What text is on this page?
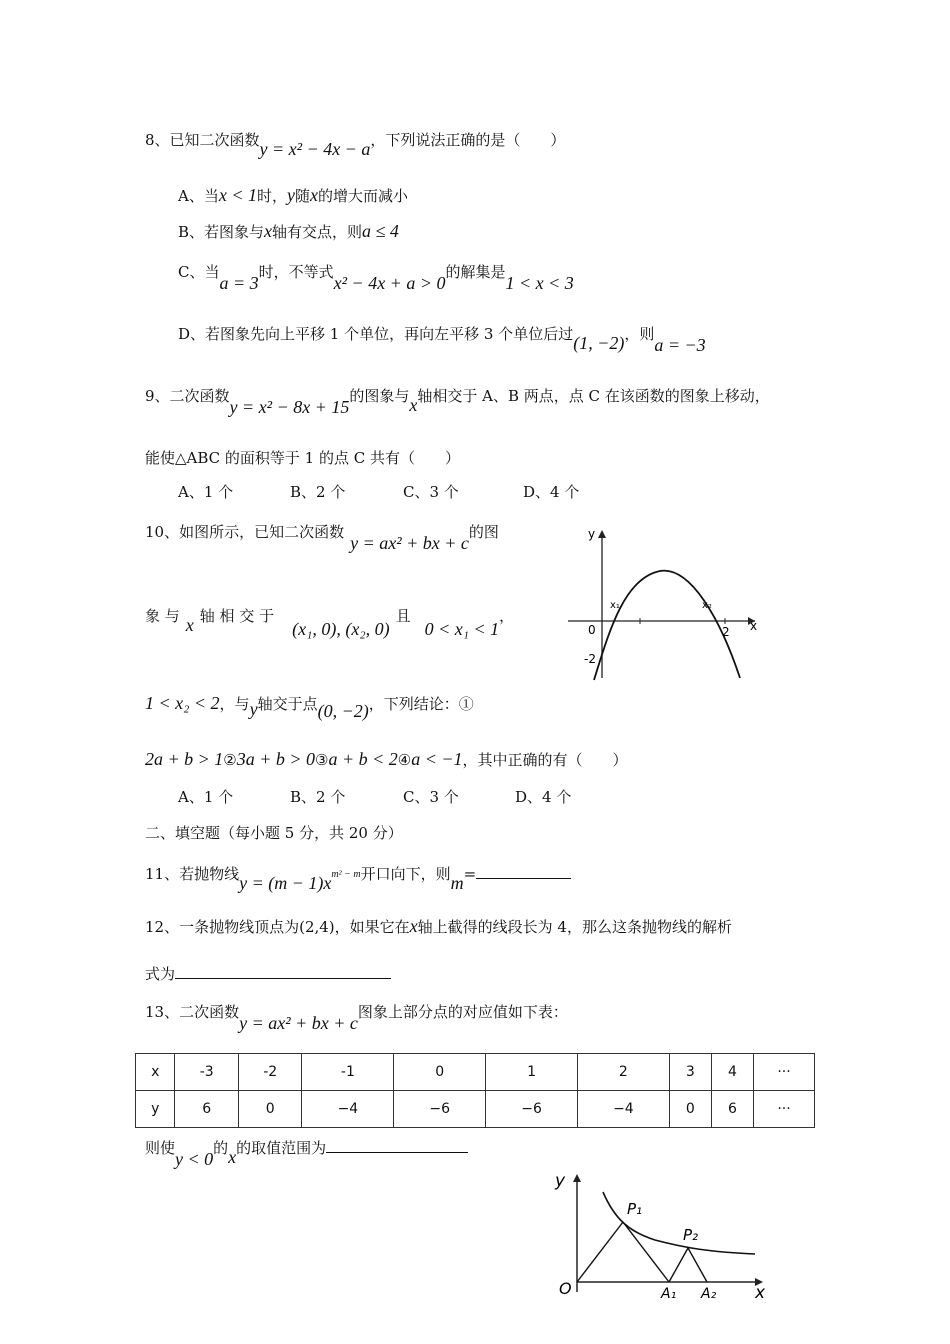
8、已知二次函数y = x² − 4x − a，下列说法正确的是（　　）
A、当x < 1时，y随x的增大而减小
B、若图象与x轴有交点，则a ≤ 4
C、当a = 3时，不等式x² − 4x + a > 0的解集是1 < x < 3
D、若图象先向上平移 1 个单位，再向左平移 3 个单位后过(1, −2)，则a = −3
9、二次函数y = x² − 8x + 15的图象与x轴相交于 A、B 两点，点 C 在该函数的图象上移动，
能使△ABC 的面积等于 1 的点 C 共有（　　）
A、1 个	B、2 个	C、3 个	D、4 个
10、如图所示，已知二次函数y = ax² + bx + c的图
象 与 x 轴 相 交 于(x₁, 0), (x₂, 0)且0 < x₁ < 1，
1 < x₂ < 2，与y轴交于点(0, −2)，下列结论：①
2a + b > 1②3a + b > 0③a + b < 2④a < −1，其中正确的有（　　）
A、1 个	B、2 个	C、3 个	D、4 个
y
x
0
x₁	x₂
2
-2
二、填空题（每小题 5 分，共 20 分）
11、若抛物线y = (m − 1)xm² − m开口向下，则m=
12、一条抛物线顶点为(2,4)，如果它在x轴上截得的线段长为 4，那么这条抛物线的解析
式为
13、二次函数y = ax² + bx + c图象上部分点的对应值如下表：
x	-3	-2	-1	0	1	2	3	4	···
y	6	0	−4	−6	−6	−4	0	6	···
则使y < 0的x的取值范围为
y
x
O
P₁
P₂
A₁ A₂
